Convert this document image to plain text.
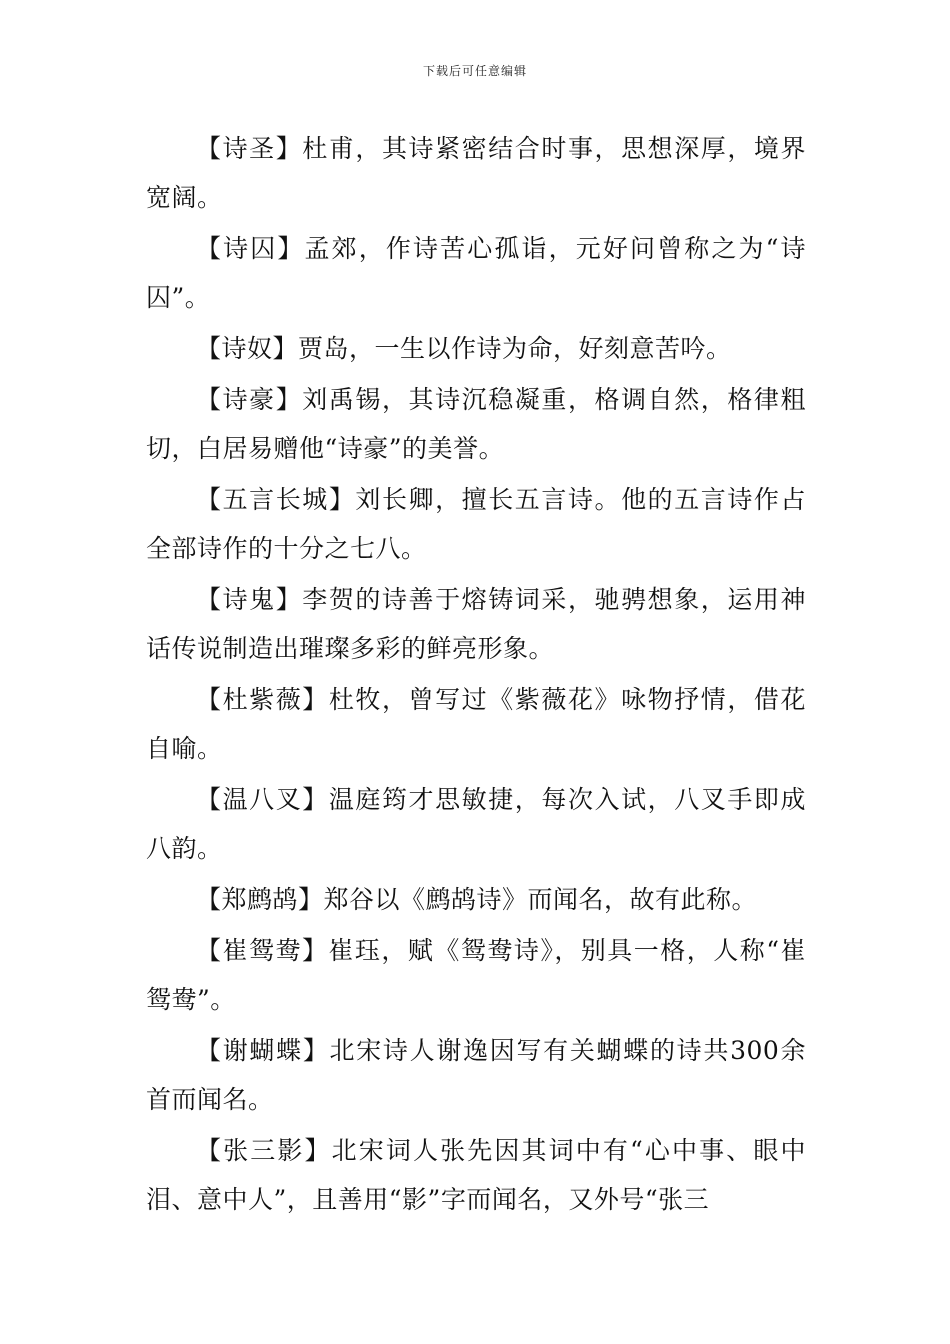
下载后可任意编辑

【诗圣】杜甫，其诗紧密结合时事，思想深厚，境界宽阔。

【诗囚】孟郊，作诗苦心孤诣，元好问曾称之为“诗囚”。

【诗奴】贾岛，一生以作诗为命，好刻意苦吟。

【诗豪】刘禹锡，其诗沉稳凝重，格调自然，格律粗切，白居易赠他“诗豪”的美誉。

【五言长城】刘长卿，擅长五言诗。他的五言诗作占全部诗作的十分之七八。

【诗鬼】李贺的诗善于熔铸词采，驰骋想象，运用神话传说制造出璀璨多彩的鲜亮形象。

【杜紫薇】杜牧，曾写过《紫薇花》咏物抒情，借花自喻。

【温八叉】温庭筠才思敏捷，每次入试，八叉手即成八韵。

【郑鹧鸪】郑谷以《鹧鸪诗》而闻名，故有此称。

【崔鸳鸯】崔珏，赋《鸳鸯诗》，别具一格，人称“崔鸳鸯”。

【谢蝴蝶】北宋诗人谢逸因写有关蝴蝶的诗共300余首而闻名。

【张三影】北宋词人张先因其词中有“心中事、眼中泪、意中人”，且善用“影”字而闻名，又外号“张三
